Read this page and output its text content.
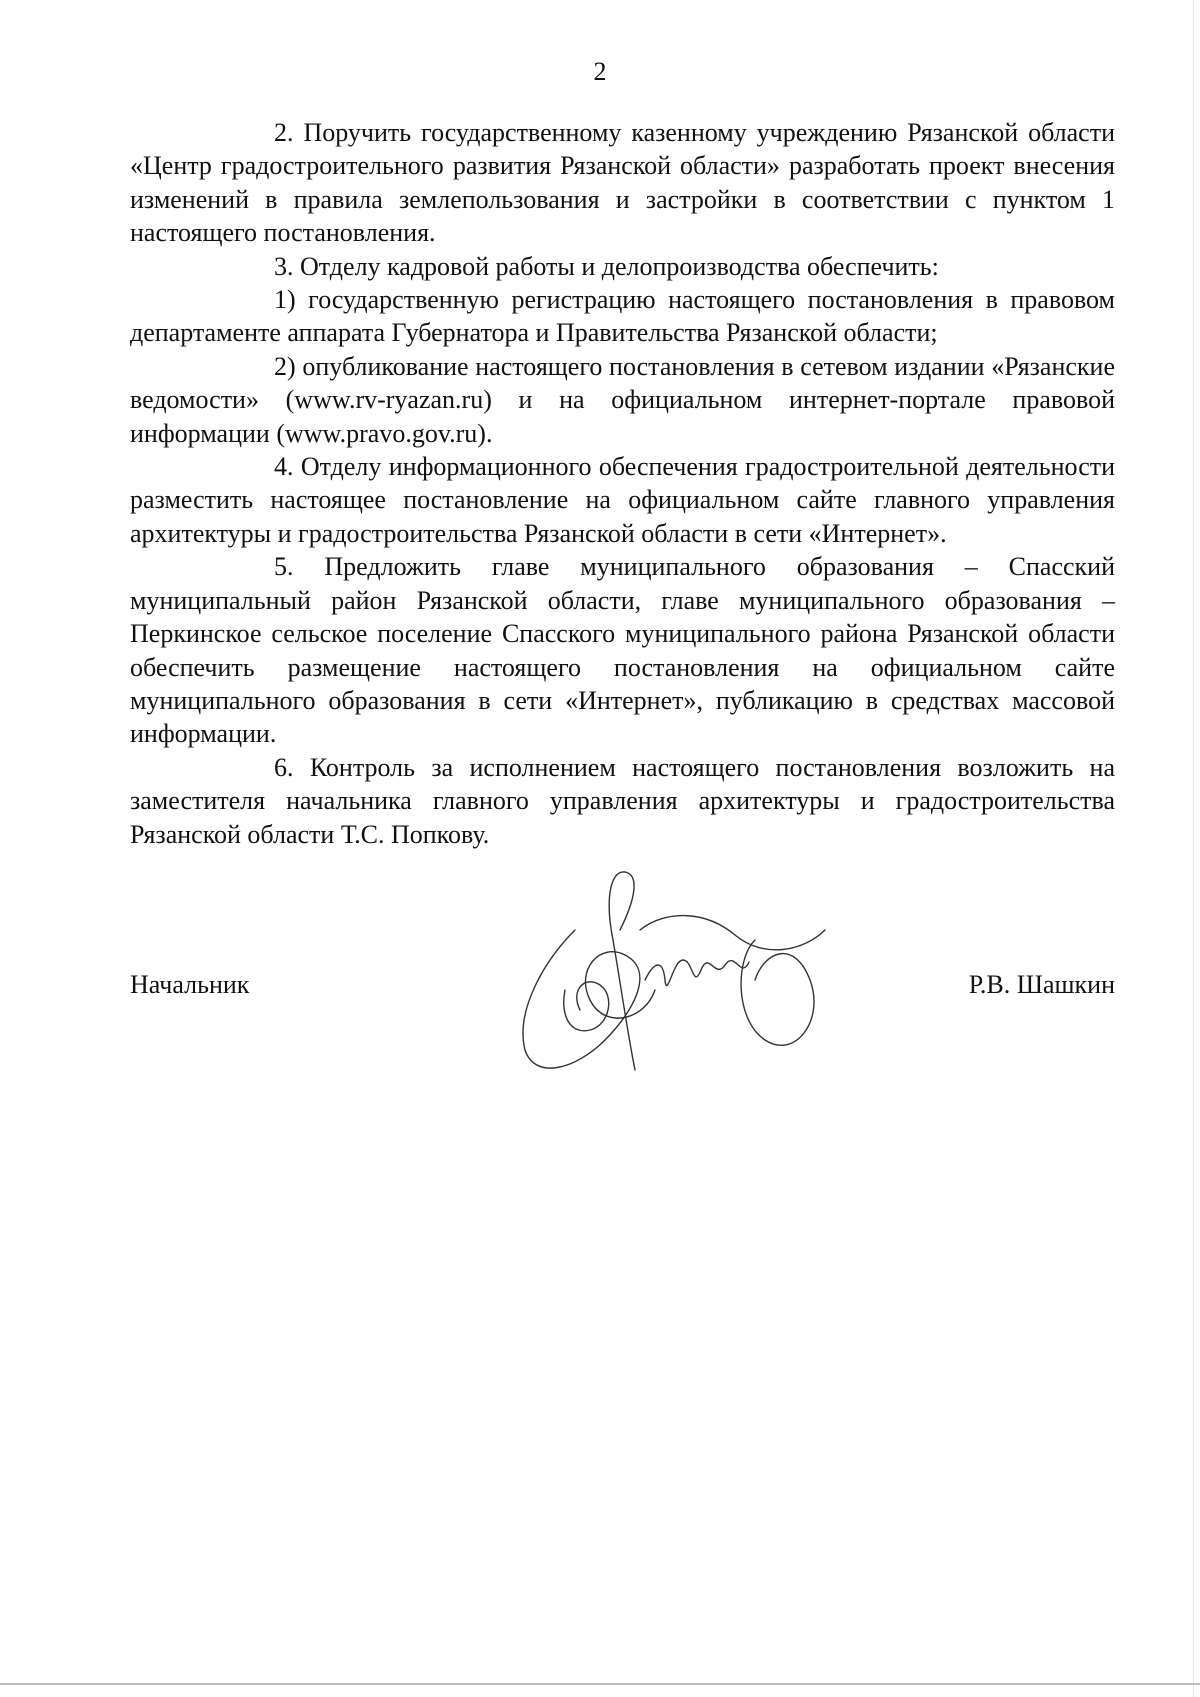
2

2. Поручить государственному казенному учреждению Рязанской области «Центр градостроительного развития Рязанской области» разработать проект внесения изменений в правила землепользования и застройки в соответствии с пунктом 1 настоящего постановления.

3. Отделу кадровой работы и делопроизводства обеспечить:

1) государственную регистрацию настоящего постановления в правовом департаменте аппарата Губернатора и Правительства Рязанской области;

2) опубликование настоящего постановления в сетевом издании «Рязанские ведомости» (www.rv-ryazan.ru) и на официальном интернет-портале правовой информации (www.pravo.gov.ru).

4. Отделу информационного обеспечения градостроительной деятельности разместить настоящее постановление на официальном сайте главного управления архитектуры и градостроительства Рязанской области в сети «Интернет».

5. Предложить главе муниципального образования – Спасский муниципальный район Рязанской области, главе муниципального образования – Перкинское сельское поселение Спасского муниципального района Рязанской области обеспечить размещение настоящего постановления на официальном сайте муниципального образования в сети «Интернет», публикацию в средствах массовой информации.

6. Контроль за исполнением настоящего постановления возложить на заместителя начальника главного управления архитектуры и градостроительства Рязанской области Т.С. Попкову.

Начальник	Р.В. Шашкин
